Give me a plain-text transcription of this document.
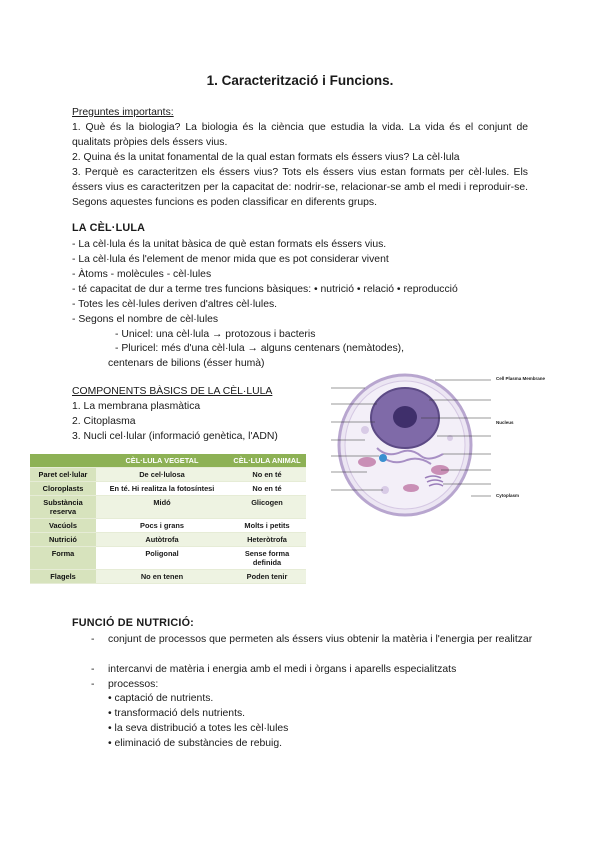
1. Caracterització i Funcions.
Preguntes importants:
1. Què és la biologia? La biologia és la ciència que estudia la vida. La vida és el conjunt de qualitats pròpies dels éssers vius.
2. Quina és la unitat fonamental de la qual estan formats els éssers vius? La cèl·lula
3. Perquè es caracteritzen els éssers vius? Tots els éssers vius estan formats per cèl·lules. Els éssers vius es caracteritzen per la capacitat de: nodrir-se, relacionar-se amb el medi i reproduir-se. Segons aquestes funcions es poden classificar en diferents grups.
LA CÈL·LULA
- La cèl·lula és la unitat bàsica de què estan formats els éssers vius.
- La cèl·lula és l'element de menor mida que es pot considerar vivent
- Àtoms - molècules - cèl·lules
- té capacitat de dur a terme tres funcions bàsiques: • nutrició • relació • reproducció
- Totes les cèl·lules deriven d'altres cèl·lules.
- Segons el nombre de cèl·lules
- Unicel: una cèl·lula → protozous i bacteris
- Pluricel: més d'una cèl·lula → alguns centenars (nemàtodes),
centenars de bilions (ésser humà)
COMPONENTS BÀSICS DE LA CÈL·LULA
1. La membrana plasmàtica
2. Citoplasma
3. Nucli cel·lular (informació genètica, l'ADN)
Cell Plasma Membrane
Nucleus
Cytoplasm
	CÈL·LULA VEGETAL	CÈL·LULA ANIMAL
Paret cel·lular	De cel·lulosa	No en té
Cloroplasts	En té. Hi realitza la fotosíntesi	No en té
Substància reserva	Midó	Glicogen
Vacúols	Pocs i grans	Molts i petits
Nutrició	Autòtrofa	Heteròtrofa
Forma	Poligonal	Sense forma definida
Flagels	No en tenen	Poden tenir
FUNCIÓ DE NUTRICIÓ:
- conjunt de processos que permeten als éssers vius obtenir la matèria i l'energia per realitzar
- intercanvi de matèria i energia amb el medi i òrgans i aparells especialitzats
- processos:
• captació de nutrients.
• transformació dels nutrients.
• la seva distribució a totes les cèl·lules
• eliminació de substàncies de rebuig.
